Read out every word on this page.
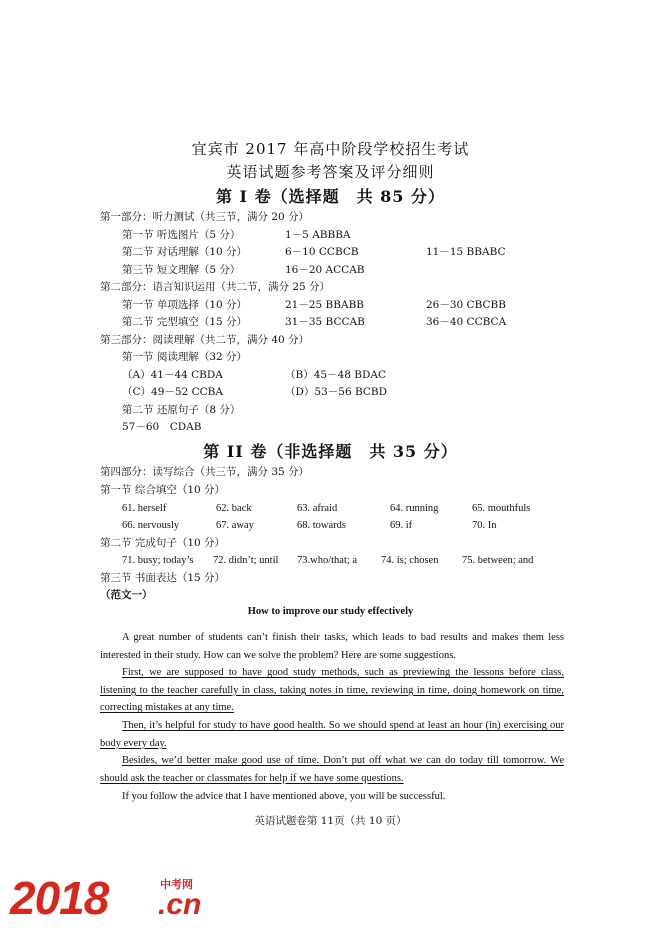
宜宾市 2017 年高中阶段学校招生考试
英语试题参考答案及评分细则
第 I 卷（选择题　共 85 分）
第一部分：听力测试（共三节，满分 20 分）
第一节 听选图片（5 分）	1－5 ABBBA
第二节 对话理解（10 分）	6－10 CCBCB	11－15 BBABC
第三节 短文理解（5 分）	16－20 ACCAB
第二部分：语言知识运用（共二节，满分 25 分）
第一节 单项选择（10 分）	21－25 BBABB	26－30 CBCBB
第二节 完型填空（15 分）	31－35 BCCAB	36－40 CCBCA
第三部分：阅读理解（共二节，满分 40 分）
第一节 阅读理解（32 分）
（A）41－44 CBDA	（B）45－48 BDAC
（C）49－52 CCBA	（D）53－56 BCBD
第二节 还原句子（8 分）
57－60　CDAB
第 II 卷（非选择题　共 35 分）
第四部分：读写综合（共三节，满分 35 分）
第一节 综合填空（10 分）
61. herself	62. back	63. afraid	64. running	65. mouthfuls
66. nervously	67. away	68. towards	69. if	70. In
第二节 完成句子（10 分）
71. busy; today’s 72. didn’t; until 73.who/that; a 74. is; chosen 75. between; and
第三节 书面表达（15 分）
（范文一）
How to improve our study effectively
A great number of students can’t finish their tasks, which leads to bad results and makes them less interested in their study. How can we solve the problem? Here are some suggestions.
First, we are supposed to have good study methods, such as previewing the lessons before class, listening to the teacher carefully in class, taking notes in time, reviewing in time, doing homework on time, correcting mistakes at any time.
Then, it’s helpful for study to have good health. So we should spend at least an hour (in) exercising our body every day.
Besides, we’d better make good use of time. Don’t put off what we can do today till tomorrow. We should ask the teacher or classmates for help if we have some questions.
If you follow the advice that I have mentioned above, you will be successful.
英语试题卷第 11页（共 10 页）
2018	中考网
.cn
